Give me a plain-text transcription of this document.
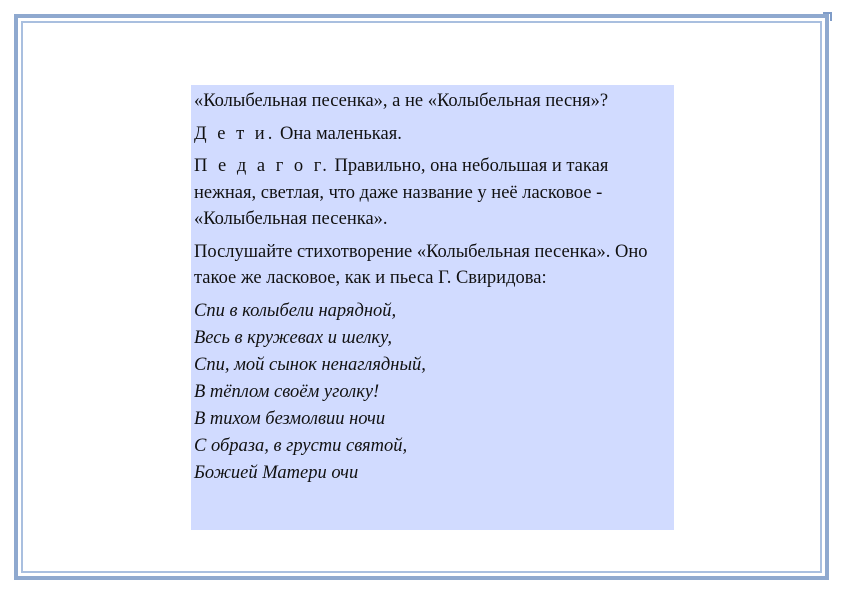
«Колыбельная песенка», а не «Колыбельная песня»?

Д е т и. Она маленькая.

П е д а г о г. Правильно, она небольшая и такая нежная, светлая, что даже название у неё ласковое - «Колыбельная песенка».

Послушайте стихотворение «Колыбельная песенка». Оно такое же ласковое, как и пьеса Г. Свиридова:

Спи в колыбели нарядной,
Весь в кружевах и шелку,
Спи, мой сынок ненаглядный,
В тёплом своём уголку!
В тихом безмолвии ночи
С образа, в грусти святой,
Божией Матери очи
